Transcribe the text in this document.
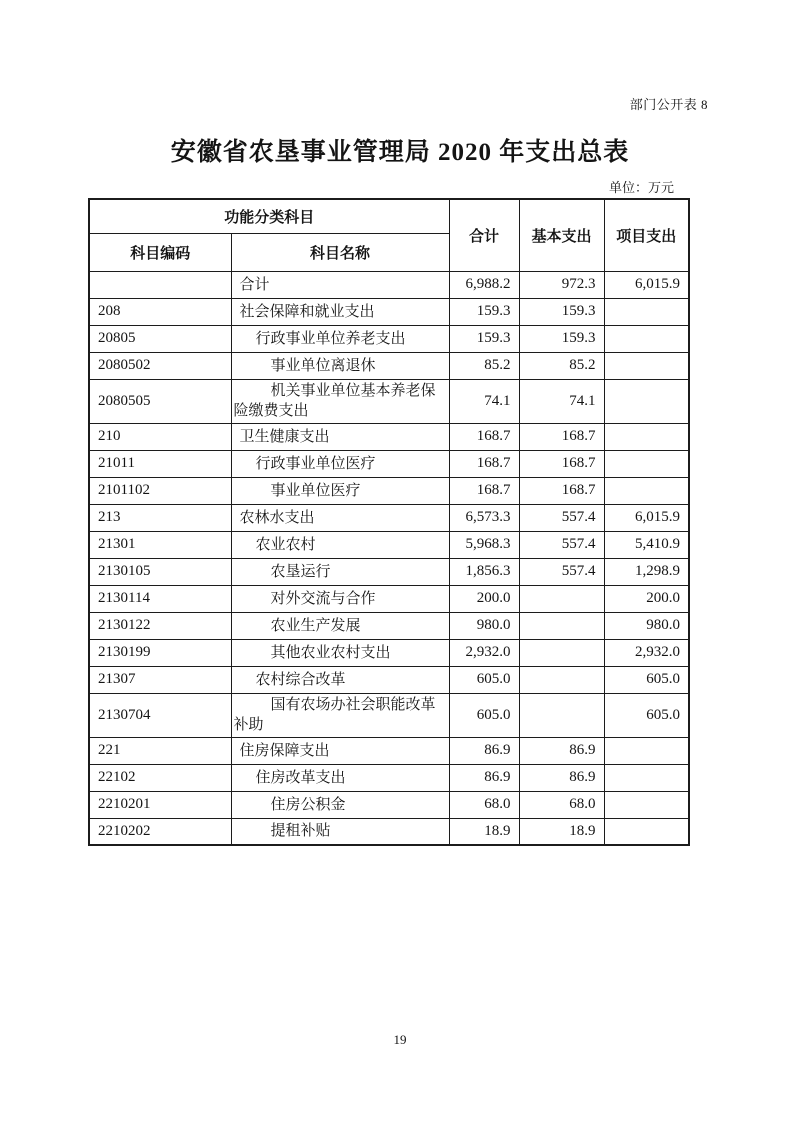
部门公开表 8
安徽省农垦事业管理局 2020 年支出总表
单位：万元
功能分类科目		合计	基本支出	项目支出
科目编码	科目名称			
	合计	6,988.2	972.3	6,015.9
208	社会保障和就业支出	159.3	159.3	
20805	行政事业单位养老支出	159.3	159.3	
2080502	事业单位离退休	85.2	85.2	
2080505	机关事业单位基本养老保险缴费支出	74.1	74.1	
210	卫生健康支出	168.7	168.7	
21011	行政事业单位医疗	168.7	168.7	
2101102	事业单位医疗	168.7	168.7	
213	农林水支出	6,573.3	557.4	6,015.9
21301	农业农村	5,968.3	557.4	5,410.9
2130105	农垦运行	1,856.3	557.4	1,298.9
2130114	对外交流与合作	200.0		200.0
2130122	农业生产发展	980.0		980.0
2130199	其他农业农村支出	2,932.0		2,932.0
21307	农村综合改革	605.0		605.0
2130704	国有农场办社会职能改革补助	605.0		605.0
221	住房保障支出	86.9	86.9	
22102	住房改革支出	86.9	86.9	
2210201	住房公积金	68.0	68.0	
2210202	提租补贴	18.9	18.9	
19
